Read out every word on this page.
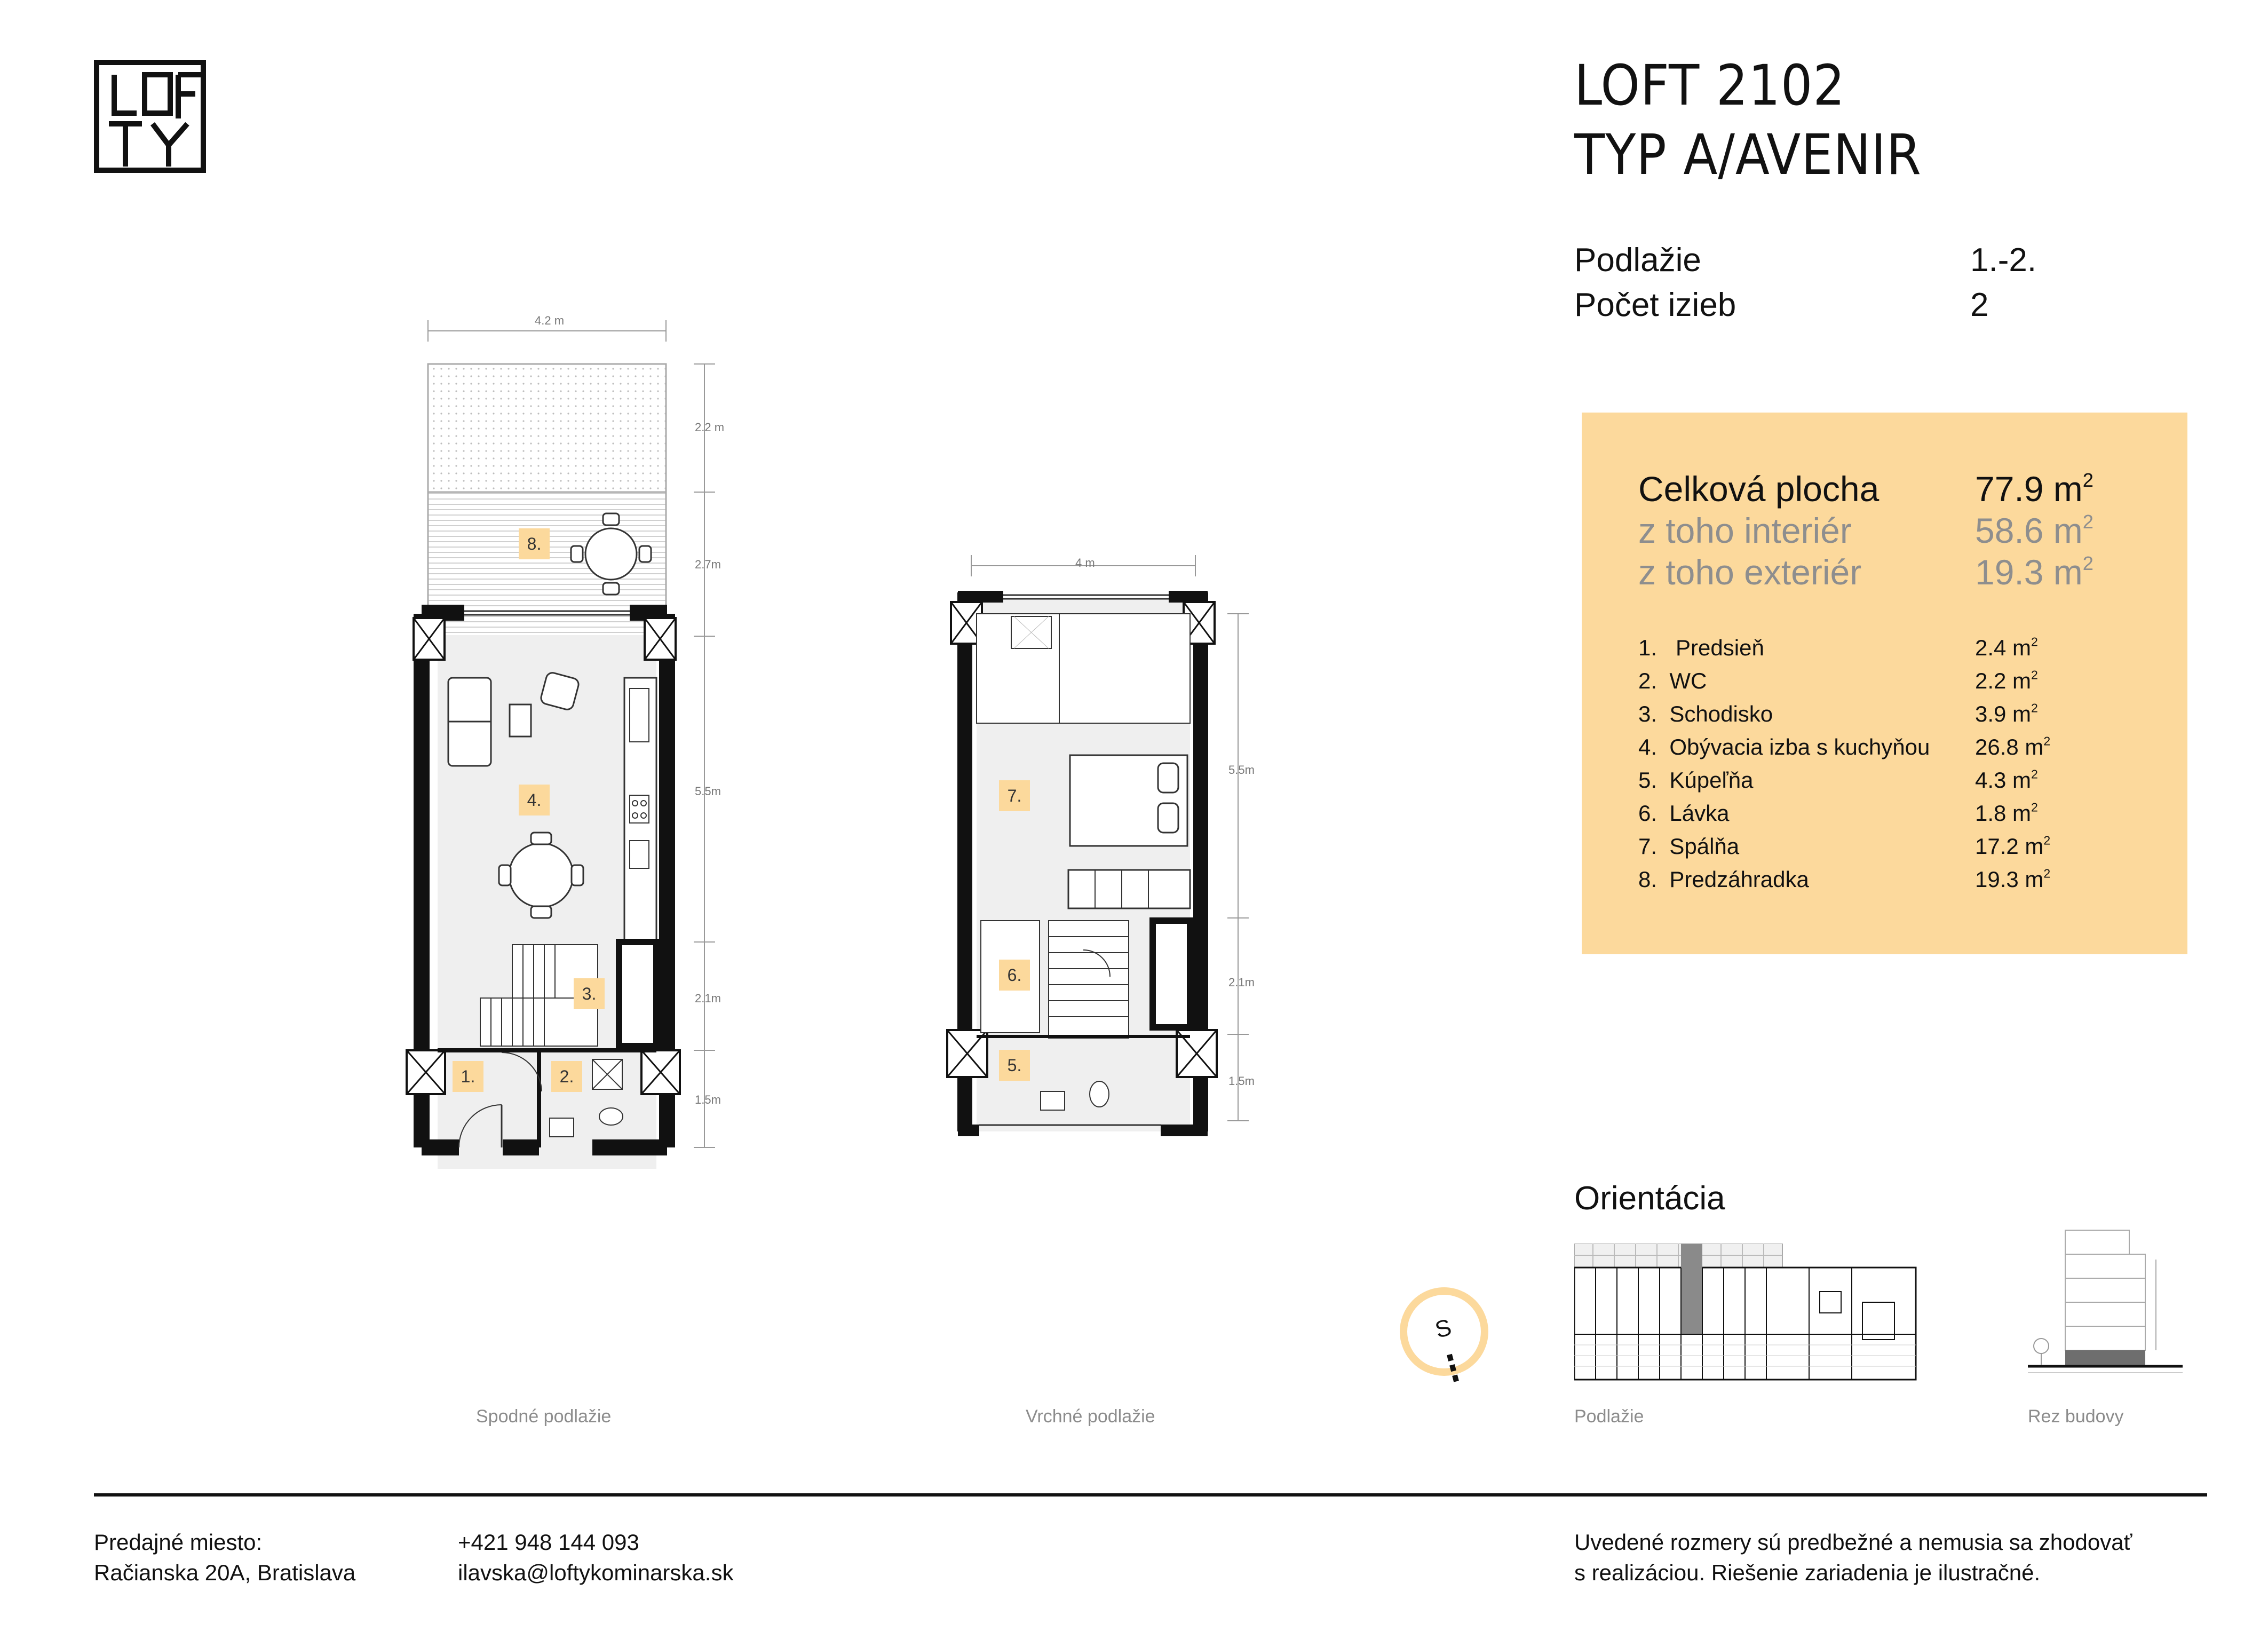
LOFT 2102
TYP A/AVENIR
Podlažie	1.-2.
Počet izieb	2
Celková plocha	77.9 $m^2$
z toho interiér	58.6 $m^2$
z toho exteriér	19.3 $m^2$
1. Predsieň	2.4 $m^2$
2. WC	2.2 $m^2$
3. Schodisko	3.9 $m^2$
4. Obývacia izba s kuchyňou 26.8 $m^2$
5. Kúpeľňa	4.3 $m^2$
6. Lávka	1.8 $m^2$
7. Spálňa	17.2 $m^2$
8. Predzáhradka	19.3 $m^2$
4.2 m
2.2 m
2.7m
5.5m
2.1m
1.5m
8.
4.
3.
1.	2.
Spodné podlažie
4 m
5.5m
2.1m
1.5m
7.
6.
5.
Vrchné podlažie
Orientácia
S
Podlažie	Rez budovy
Predajné miesto:
Račianska 20A, Bratislava
+421 948 144 093
ilavska@loftykominarska.sk
Uvedené rozmery sú predbežné a nemusia sa zhodovať
s realizáciou. Riešenie zariadenia je ilustračné.
